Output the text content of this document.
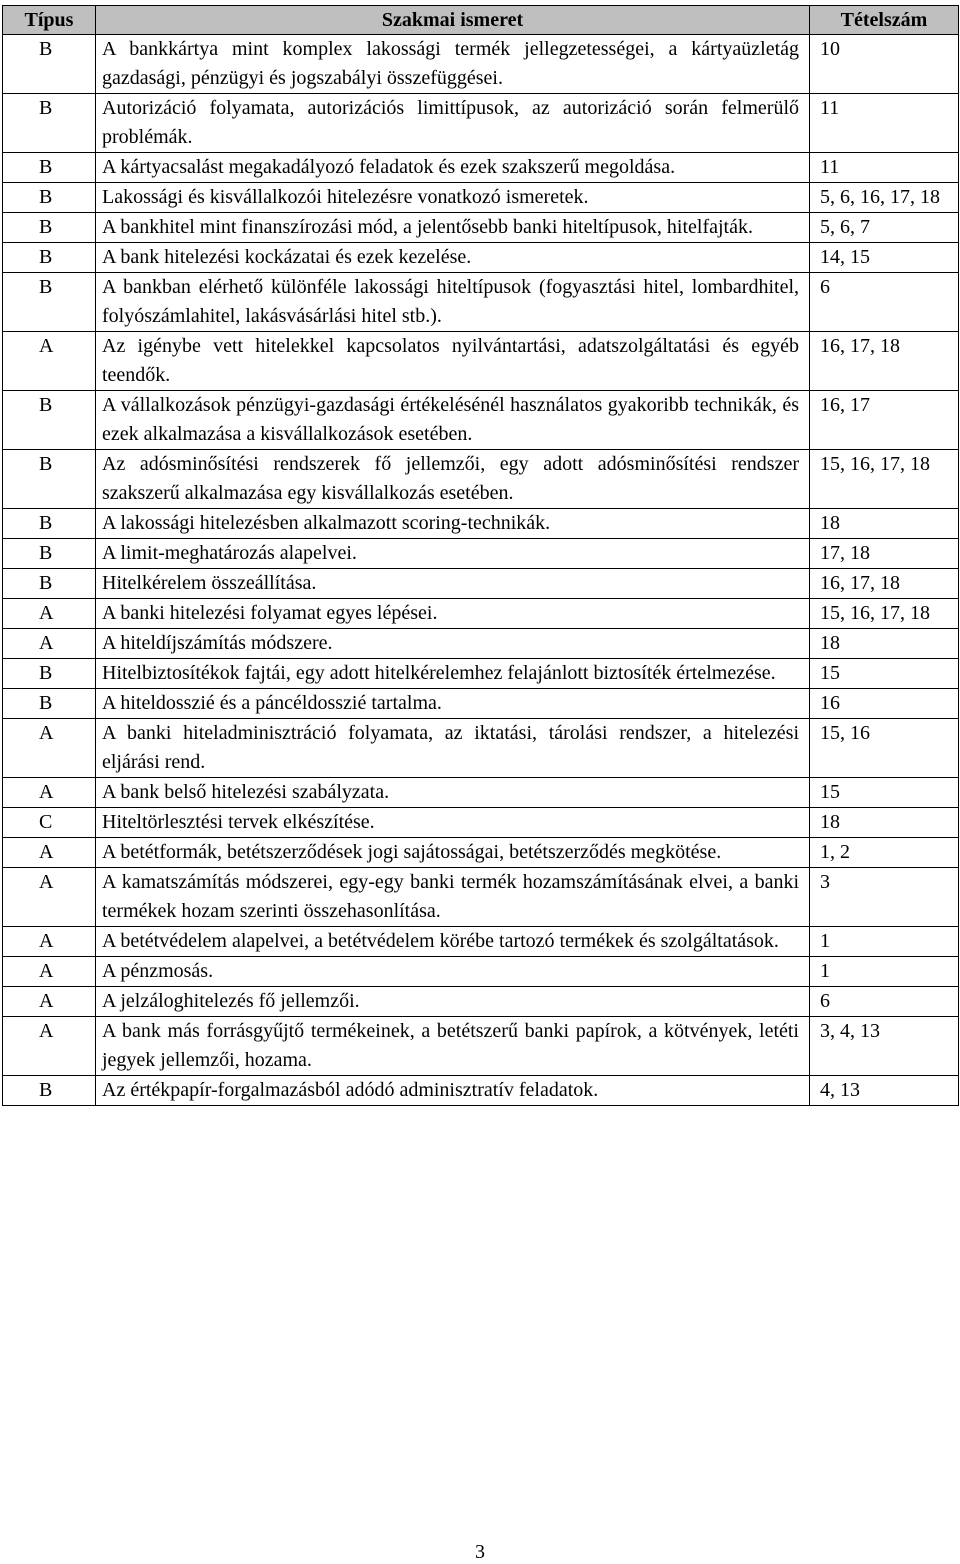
Típus	Szakmai ismeret	Tételszám
B	A bankkártya mint komplex lakossági termék jellegzetességei, a kártyaüzletág gazdasági, pénzügyi és jogszabályi összefüggései.	10
B	Autorizáció folyamata, autorizációs limittípusok, az autorizáció során felmerülő problémák.	11
B	A kártyacsalást megakadályozó feladatok és ezek szakszerű megoldása.	11
B	Lakossági és kisvállalkozói hitelezésre vonatkozó ismeretek.	5, 6, 16, 17, 18
B	A bankhitel mint finanszírozási mód, a jelentősebb banki hiteltípusok, hitelfajták.	5, 6, 7
B	A bank hitelezési kockázatai és ezek kezelése.	14, 15
B	A bankban elérhető különféle lakossági hiteltípusok (fogyasztási hitel, lombardhitel, folyószámlahitel, lakásvásárlási hitel stb.).	6
A	Az igénybe vett hitelekkel kapcsolatos nyilvántartási, adatszolgáltatási és egyéb teendők.	16, 17, 18
B	A vállalkozások pénzügyi-gazdasági értékelésénél használatos gyakoribb technikák, és ezek alkalmazása a kisvállalkozások esetében.	16, 17
B	Az adósminősítési rendszerek fő jellemzői, egy adott adósminősítési rendszer szakszerű alkalmazása egy kisvállalkozás esetében.	15, 16, 17, 18
B	A lakossági hitelezésben alkalmazott scoring-technikák.	18
B	A limit-meghatározás alapelvei.	17, 18
B	Hitelkérelem összeállítása.	16, 17, 18
A	A banki hitelezési folyamat egyes lépései.	15, 16, 17, 18
A	A hiteldíjszámítás módszere.	18
B	Hitelbiztosítékok fajtái, egy adott hitelkérelemhez felajánlott biztosíték értelmezése.	15
B	A hiteldosszié és a páncéldosszié tartalma.	16
A	A banki hiteladminisztráció folyamata, az iktatási, tárolási rendszer, a hitelezési eljárási rend.	15, 16
A	A bank belső hitelezési szabályzata.	15
C	Hiteltörlesztési tervek elkészítése.	18
A	A betétformák, betétszerződések jogi sajátosságai, betétszerződés megkötése.	1, 2
A	A kamatszámítás módszerei, egy-egy banki termék hozamszámításának elvei, a banki termékek hozam szerinti összehasonlítása.	3
A	A betétvédelem alapelvei, a betétvédelem körébe tartozó termékek és szolgáltatások.	1
A	A pénzmosás.	1
A	A jelzáloghitelezés fő jellemzői.	6
A	A bank más forrásgyűjtő termékeinek, a betétszerű banki papírok, a kötvények, letéti jegyek jellemzői, hozama.	3, 4, 13
B	Az értékpapír-forgalmazásból adódó adminisztratív feladatok.	4, 13
3
